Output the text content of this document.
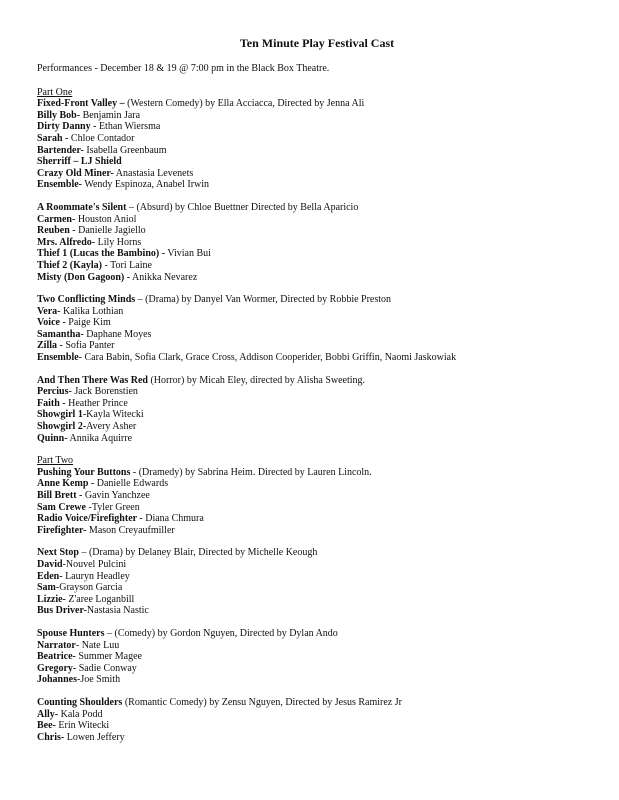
Ten Minute Play Festival Cast
Performances - December 18 & 19 @ 7:00 pm in the Black Box Theatre.
Part One
Fixed-Front Valley – (Western Comedy) by Ella Acciacca, Directed by Jenna Ali
Billy Bob- Benjamin Jara
Dirty Danny - Ethan Wiersma
Sarah - Chloe Contador
Bartender- Isabella Greenbaum
Sherriff – LJ Shield
Crazy Old Miner- Anastasia Levenets
Ensemble- Wendy Espinoza, Anabel Irwin
A Roommate's Silent – (Absurd) by Chloe Buettner Directed by Bella Aparicio
Carmen- Houston Aniol
Reuben - Danielle Jagiello
Mrs. Alfredo- Lily Horns
Thief 1 (Lucas the Bambino) - Vivian Bui
Thief 2 (Kayla) - Tori Laine
Misty (Don Gagoon) - Anikka Nevarez
Two Conflicting Minds – (Drama) by Danyel Van Wormer, Directed by Robbie Preston
Vera- Kalika Lothian
Voice - Paige Kim
Samantha- Daphane Moyes
Zilla - Sofia Panter
Ensemble- Cara Babin, Sofia Clark, Grace Cross, Addison Cooperider, Bobbi Griffin, Naomi Jaskowiak
And Then There Was Red (Horror) by Micah Eley, directed by Alisha Sweeting.
Percius- Jack Borenstien
Faith - Heather Prince
Showgirl 1-Kayla Witecki
Showgirl 2-Avery Asher
Quinn- Annika Aquirre
Part Two
Pushing Your Buttons - (Dramedy) by Sabrina Heim. Directed by Lauren Lincoln.
Anne Kemp - Danielle Edwards
Bill Brett - Gavin Yanchzee
Sam Crewe -Tyler Green
Radio Voice/Firefighter - Diana Chmura
Firefighter- Mason Creyaufmiller
Next Stop – (Drama) by Delaney Blair, Directed by Michelle Keough
David-Nouvel Pulcini
Eden- Lauryn Headley
Sam-Grayson Garcia
Lizzie- Z'aree Loganbill
Bus Driver-Nastasia Nastic
Spouse Hunters – (Comedy) by Gordon Nguyen, Directed by Dylan Ando
Narrator- Nate Luu
Beatrice- Summer Magee
Gregory- Sadie Conway
Johannes-Joe Smith
Counting Shoulders (Romantic Comedy) by Zensu Nguyen, Directed by Jesus Ramirez Jr
Ally- Kala Podd
Bee- Erin Witecki
Chris- Lowen Jeffery
